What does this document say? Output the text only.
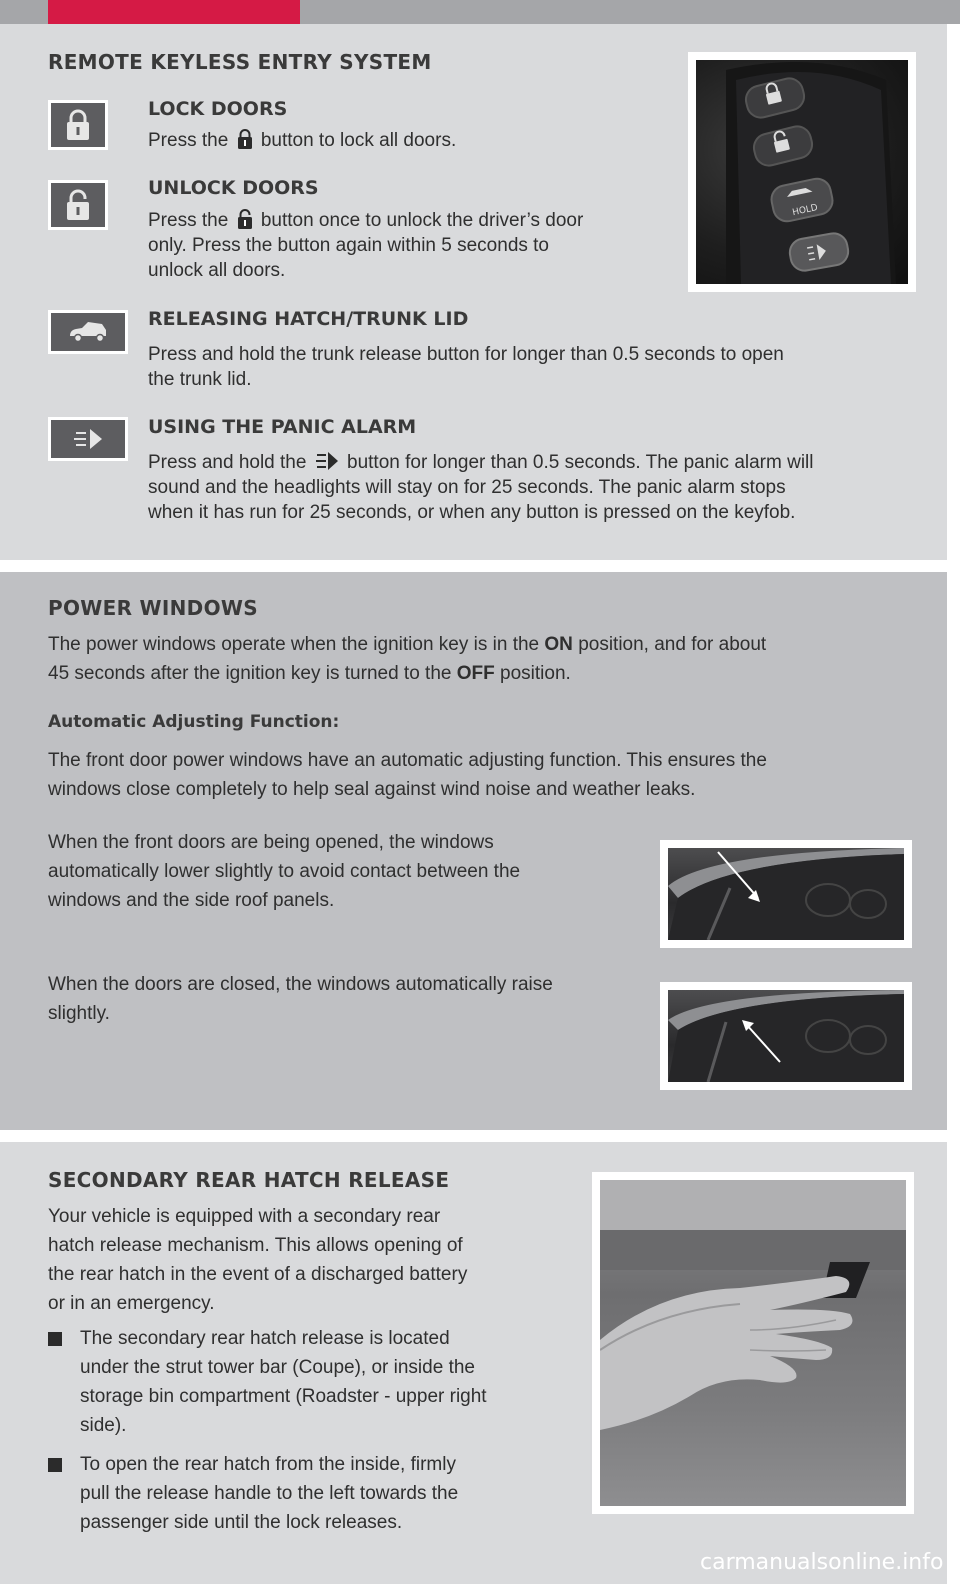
REMOTE KEYLESS ENTRY SYSTEM
LOCK DOORS

Press the button to lock all doors.

UNLOCK DOORS

Press the button once to unlock the driver’s door
only. Press the button again within 5 seconds to
unlock all doors.

HOLD
RELEASING HATCH/TRUNK LID

Press and hold the trunk release button for longer than 0.5 seconds to open
the trunk lid.

USING THE PANIC ALARM

Press and hold the button for longer than 0.5 seconds. The panic alarm will
sound and the headlights will stay on for 25 seconds. The panic alarm stops
when it has run for 25 seconds, or when any button is pressed on the keyfob.

POWER WINDOWS

The power windows operate when the ignition key is in the ON position, and for about
45 seconds after the ignition key is turned to the OFF position.

Automatic Adjusting Function:

The front door power windows have an automatic adjusting function. This ensures the
windows close completely to help seal against wind noise and weather leaks.

When the front doors are being opened, the windows
automatically lower slightly to avoid contact between the
windows and the side roof panels.

When the doors are closed, the windows automatically raise
slightly.

SECONDARY REAR HATCH RELEASE

Your vehicle is equipped with a secondary rear
hatch release mechanism. This allows opening of
the rear hatch in the event of a discharged battery
or in an emergency.

The secondary rear hatch release is located
under the strut tower bar (Coupe), or inside the
storage bin compartment (Roadster - upper right
side).

To open the rear hatch from the inside, firmly
pull the release handle to the left towards the
passenger side until the lock releases.

carmanualsonline.info
